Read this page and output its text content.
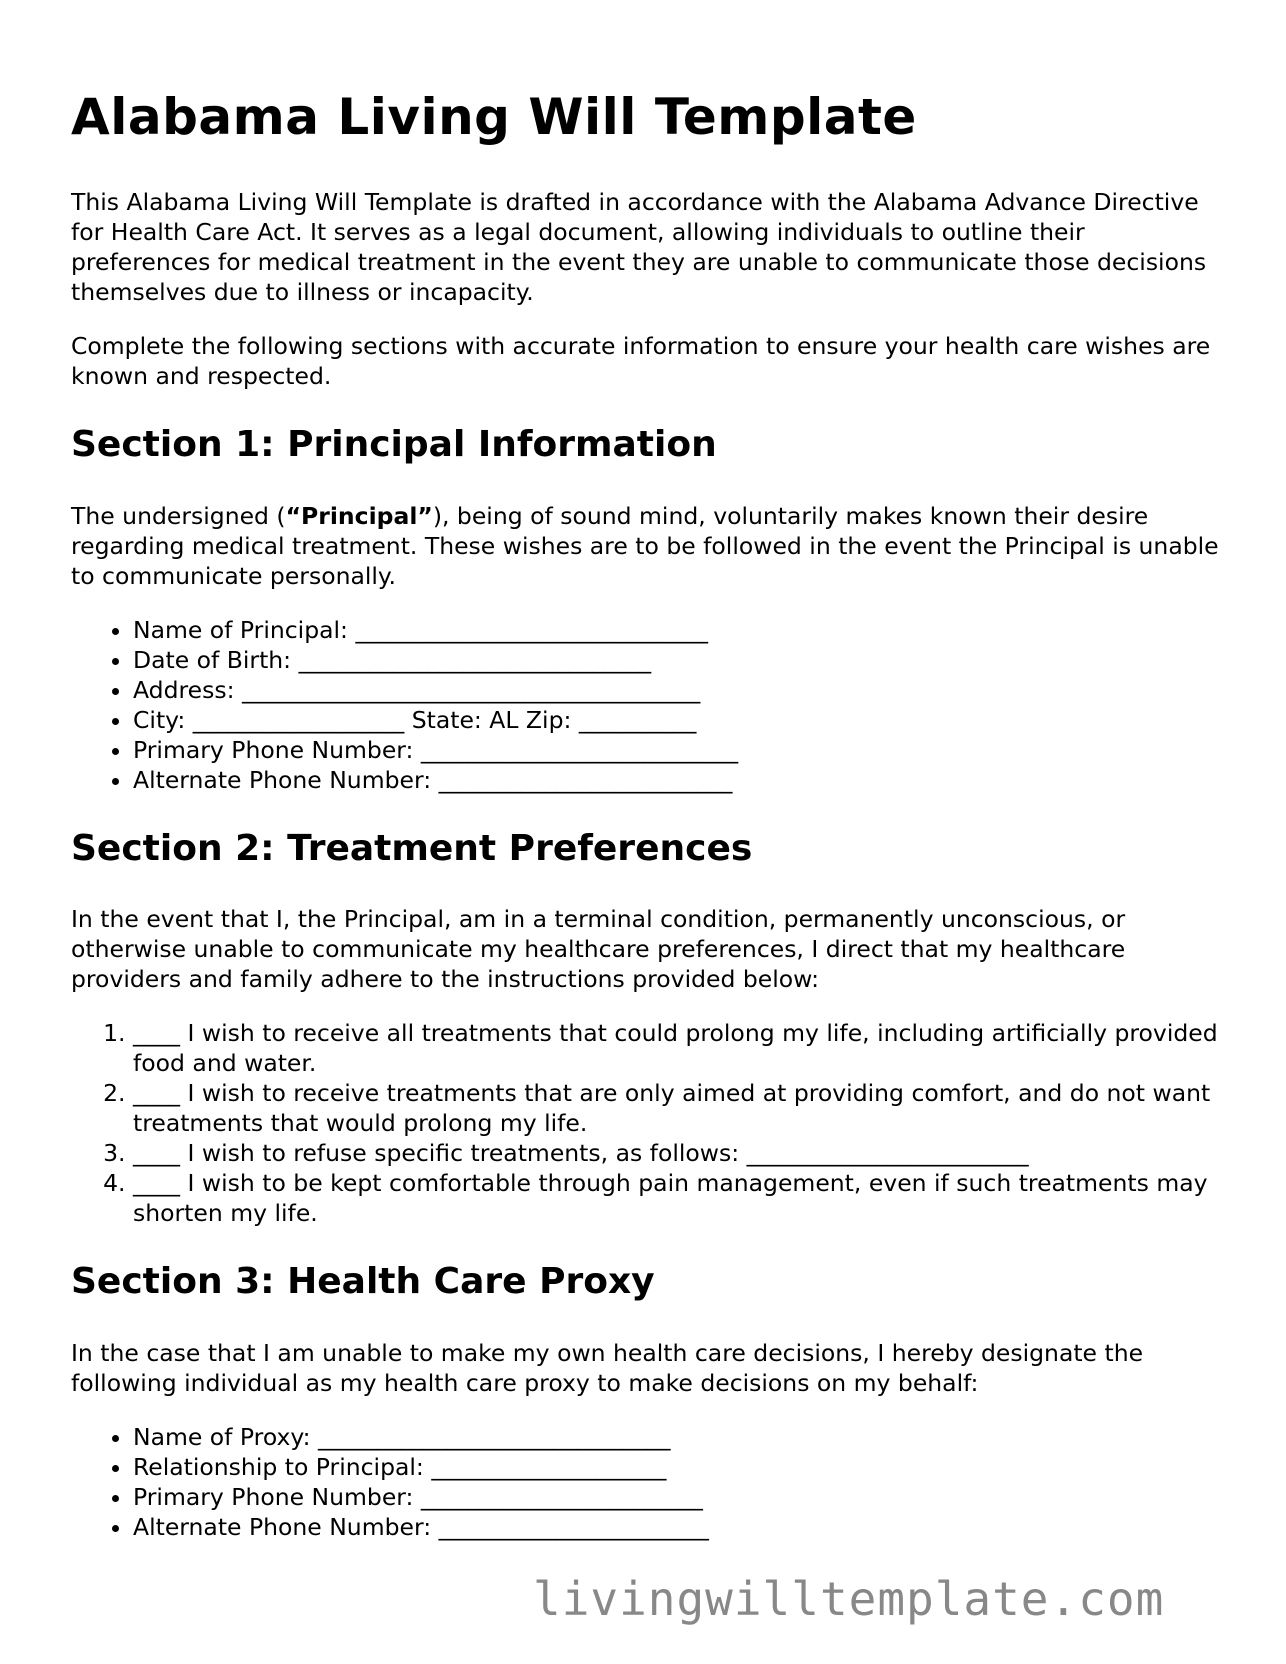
Alabama Living Will Template

This Alabama Living Will Template is drafted in accordance with the Alabama Advance Directive for Health Care Act. It serves as a legal document, allowing individuals to outline their preferences for medical treatment in the event they are unable to communicate those decisions themselves due to illness or incapacity.

Complete the following sections with accurate information to ensure your health care wishes are known and respected.

Section 1: Principal Information

The undersigned (“Principal”), being of sound mind, voluntarily makes known their desire regarding medical treatment. These wishes are to be followed in the event the Principal is unable to communicate personally.

• Name of Principal: ______________________________
• Date of Birth: ______________________________
• Address: _______________________________________
• City: __________________ State: AL Zip: __________
• Primary Phone Number: ___________________________
• Alternate Phone Number: _________________________
Section 2: Treatment Preferences

In the event that I, the Principal, am in a terminal condition, permanently unconscious, or otherwise unable to communicate my healthcare preferences, I direct that my healthcare providers and family adhere to the instructions provided below:

1. ____ I wish to receive all treatments that could prolong my life, including artificially provided food and water.
2. ____ I wish to receive treatments that are only aimed at providing comfort, and do not want treatments that would prolong my life.
3. ____ I wish to refuse specific treatments, as follows: ________________________
4. ____ I wish to be kept comfortable through pain management, even if such treatments may shorten my life.
Section 3: Health Care Proxy

In the case that I am unable to make my own health care decisions, I hereby designate the following individual as my health care proxy to make decisions on my behalf:

• Name of Proxy: ______________________________
• Relationship to Principal: ____________________
• Primary Phone Number: ________________________
• Alternate Phone Number: _______________________
livingwilltemplate.com
